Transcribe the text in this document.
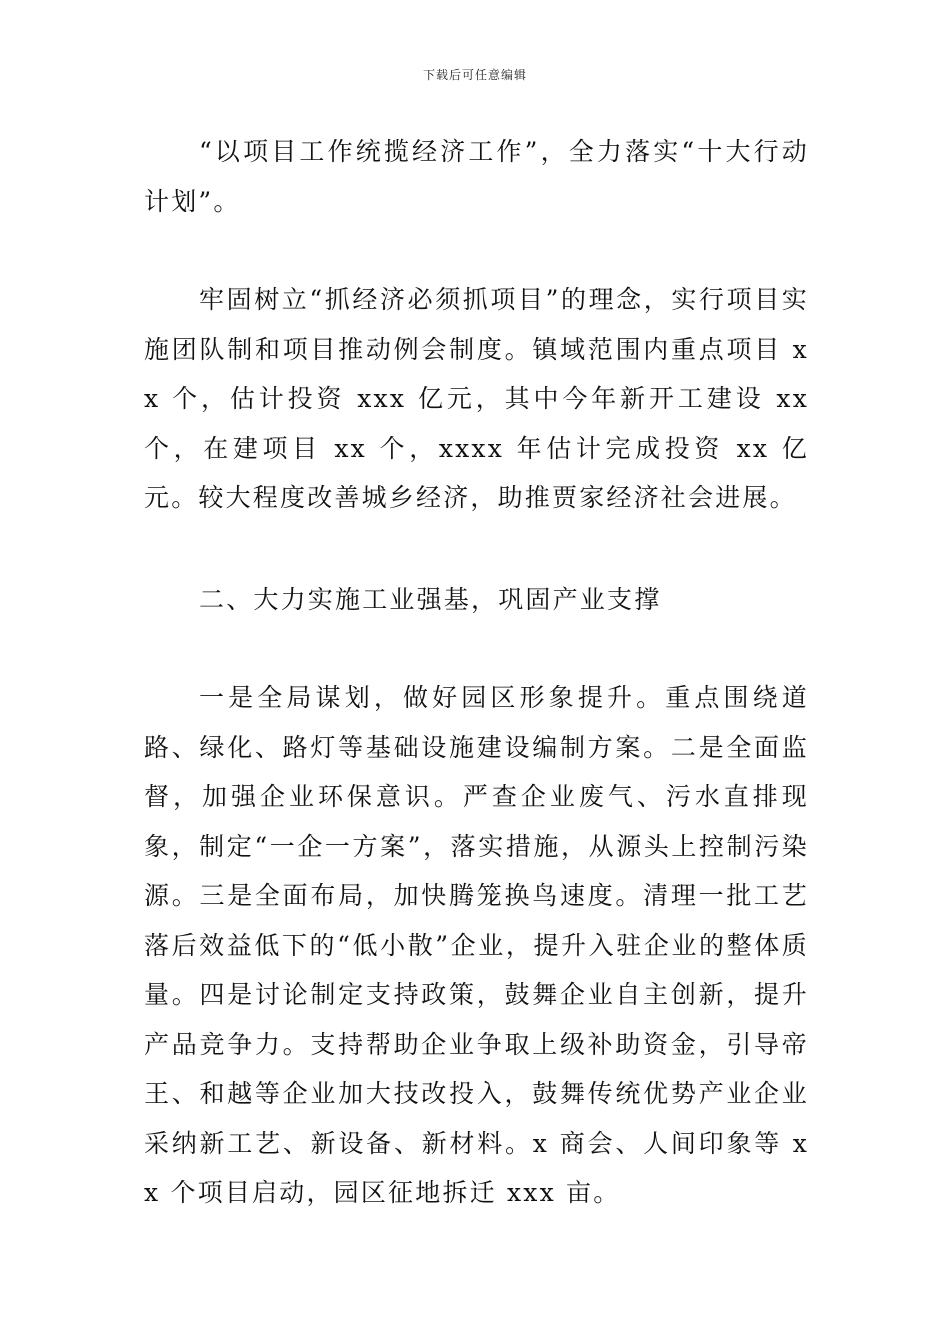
下载后可任意编辑

“以项目工作统揽经济工作”，全力落实“十大行动计划”。

牢固树立“抓经济必须抓项目”的理念，实行项目实施团队制和项目推动例会制度。镇域范围内重点项目 xx 个，估计投资 xxx 亿元，其中今年新开工建设 xx 个，在建项目 xx 个，xxxx 年估计完成投资 xx 亿元。较大程度改善城乡经济，助推贾家经济社会进展。

二、大力实施工业强基，巩固产业支撑

一是全局谋划，做好园区形象提升。重点围绕道路、绿化、路灯等基础设施建设编制方案。二是全面监督，加强企业环保意识。严查企业废气、污水直排现象，制定“一企一方案”，落实措施，从源头上控制污染源。三是全面布局，加快腾笼换鸟速度。清理一批工艺落后效益低下的“低小散”企业，提升入驻企业的整体质量。四是讨论制定支持政策，鼓舞企业自主创新，提升产品竞争力。支持帮助企业争取上级补助资金，引导帝王、和越等企业加大技改投入，鼓舞传统优势产业企业采纳新工艺、新设备、新材料。x 商会、人间印象等 xx 个项目启动，园区征地拆迁 xxx 亩。
